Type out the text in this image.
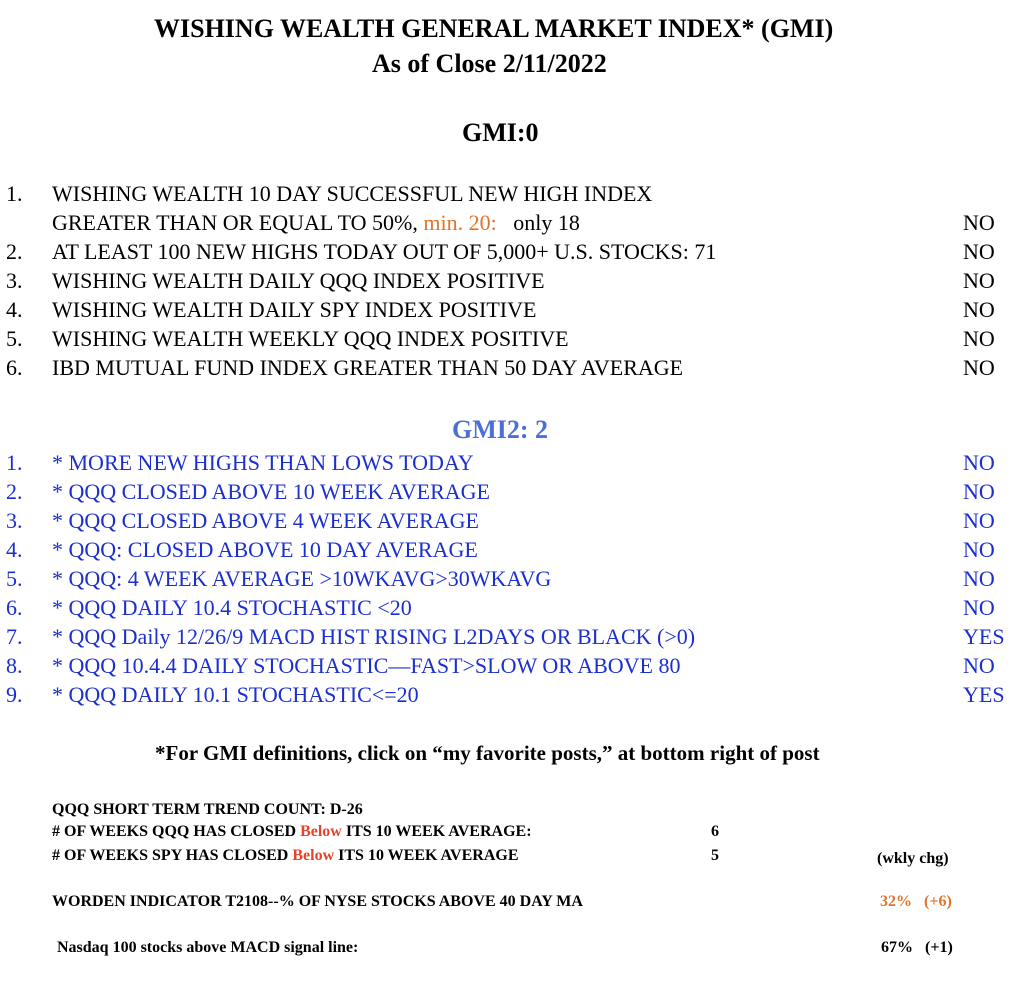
WISHING WEALTH GENERAL MARKET INDEX* (GMI)
As of Close 2/11/2022
GMI:0
1. WISHING WEALTH 10 DAY SUCCESSFUL NEW HIGH INDEX
GREATER THAN OR EQUAL TO 50%, min. 20: only 18	NO
2. AT LEAST 100 NEW HIGHS TODAY OUT OF 5,000+ U.S. STOCKS: 71	NO
3. WISHING WEALTH DAILY QQQ INDEX POSITIVE	NO
4. WISHING WEALTH DAILY SPY INDEX POSITIVE	NO
5. WISHING WEALTH WEEKLY QQQ INDEX POSITIVE	NO
6. IBD MUTUAL FUND INDEX GREATER THAN 50 DAY AVERAGE	NO
GMI2: 2
1. * MORE NEW HIGHS THAN LOWS TODAY	NO
2. * QQQ CLOSED ABOVE 10 WEEK AVERAGE	NO
3. * QQQ CLOSED ABOVE 4 WEEK AVERAGE	NO
4. * QQQ: CLOSED ABOVE 10 DAY AVERAGE	NO
5. * QQQ: 4 WEEK AVERAGE >10WKAVG>30WKAVG	NO
6. * QQQ DAILY 10.4 STOCHASTIC <20	NO
7. * QQQ Daily 12/26/9 MACD HIST RISING L2DAYS OR BLACK (>0)	YES
8. * QQQ 10.4.4 DAILY STOCHASTIC—FAST>SLOW OR ABOVE 80	NO
9. * QQQ DAILY 10.1 STOCHASTIC<=20	YES
*For GMI definitions, click on “my favorite posts,” at bottom right of post
QQQ SHORT TERM TREND COUNT: D-26
# OF WEEKS QQQ HAS CLOSED Below ITS 10 WEEK AVERAGE:	6
# OF WEEKS SPY HAS CLOSED Below ITS 10 WEEK AVERAGE	5	(wkly chg)
WORDEN INDICATOR T2108--% OF NYSE STOCKS ABOVE 40 DAY MA	32%   (+6)
Nasdaq 100 stocks above MACD signal line:	67%   (+1)
